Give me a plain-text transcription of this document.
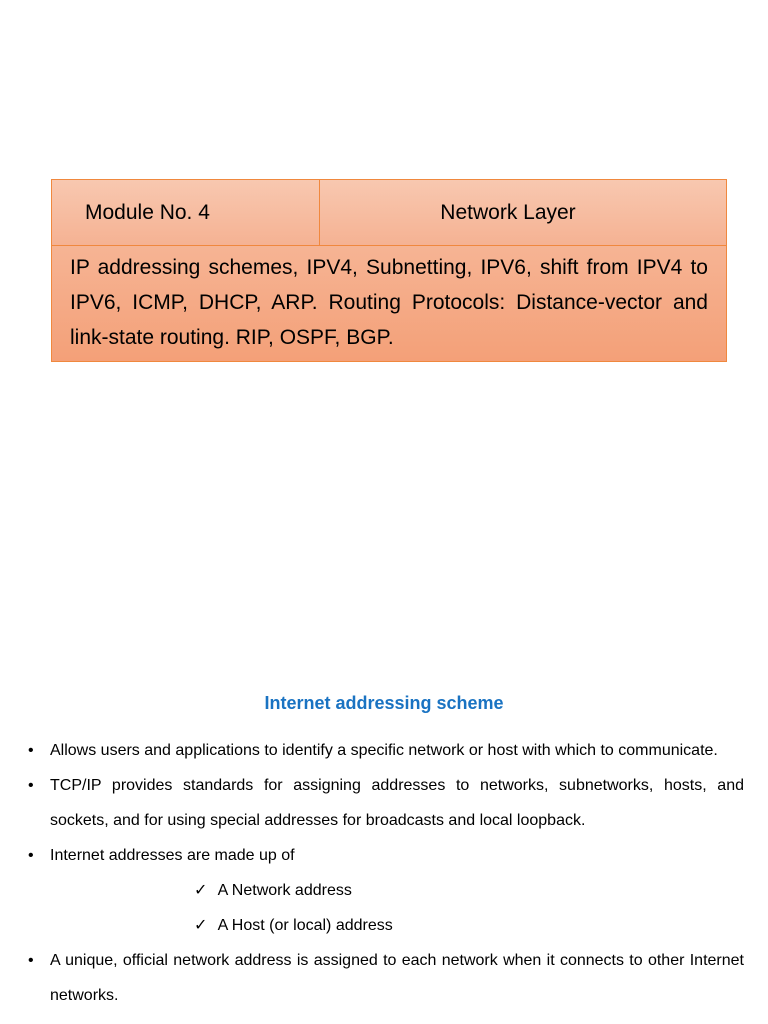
Module No. 4	Network Layer
IP addressing schemes, IPV4, Subnetting, IPV6, shift from IPV4 to IPV6, ICMP, DHCP, ARP. Routing Protocols: Distance-vector and link-state routing. RIP, OSPF, BGP.
Internet addressing scheme
• Allows users and applications to identify a specific network or host with which to communicate.
• TCP/IP provides standards for assigning addresses to networks, subnetworks, hosts, and sockets, and for using special addresses for broadcasts and local loopback.
• Internet addresses are made up of
✓ A Network address
✓ A Host (or local) address
• A unique, official network address is assigned to each network when it connects to other Internet networks.
